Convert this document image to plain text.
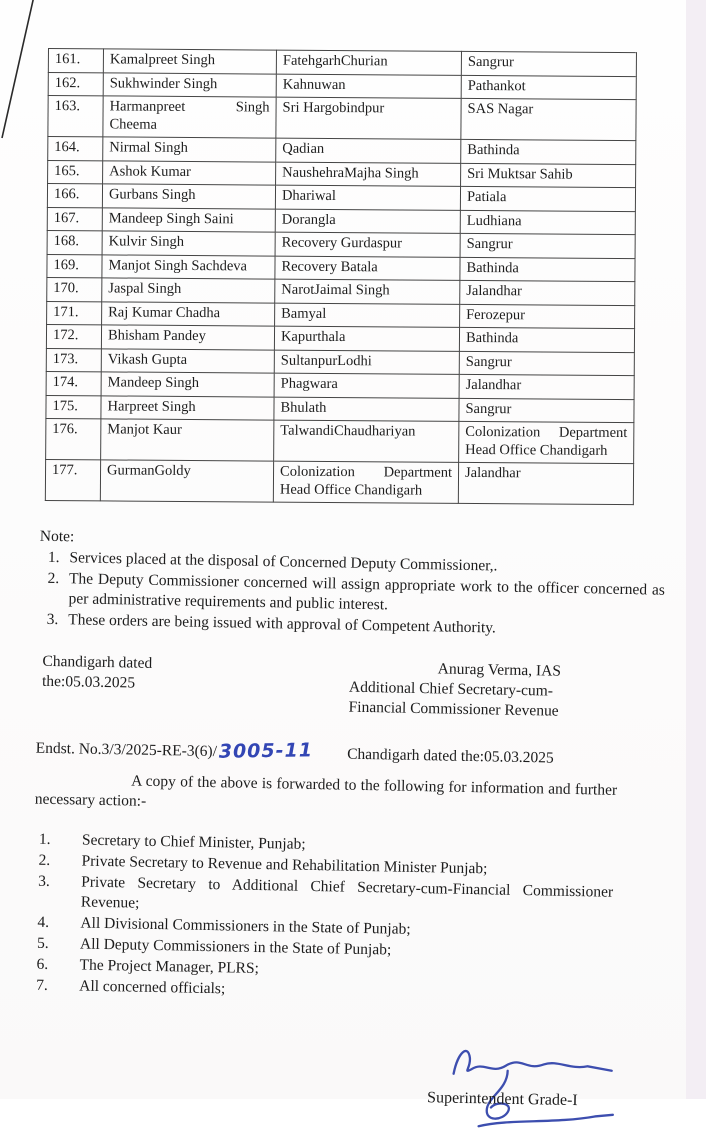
161.	Kamalpreet Singh	FatehgarhChurian	Sangrur
162.	Sukhwinder Singh	Kahnuwan	Pathankot
163.	Harmanpreet Singh Cheema	Sri Hargobindpur	SAS Nagar
164.	Nirmal Singh	Qadian	Bathinda
165.	Ashok Kumar	NaushehraMajha Singh	Sri Muktsar Sahib
166.	Gurbans Singh	Dhariwal	Patiala
167.	Mandeep Singh Saini	Dorangla	Ludhiana
168.	Kulvir Singh	Recovery Gurdaspur	Sangrur
169.	Manjot Singh Sachdeva	Recovery Batala	Bathinda
170.	Jaspal Singh	NarotJaimal Singh	Jalandhar
171.	Raj Kumar Chadha	Bamyal	Ferozepur
172.	Bhisham Pandey	Kapurthala	Bathinda
173.	Vikash Gupta	SultanpurLodhi	Sangrur
174.	Mandeep Singh	Phagwara	Jalandhar
175.	Harpreet Singh	Bhulath	Sangrur
176.	Manjot Kaur	TalwandiChaudhariyan	Colonization Department Head Office Chandigarh
177.	GurmanGoldy	Colonization Department Head Office Chandigarh	Jalandhar
Note:
1. Services placed at the disposal of Concerned Deputy Commissioner,.
2. The Deputy Commissioner concerned will assign appropriate work to the officer concerned as per administrative requirements and public interest.
3. These orders are being issued with approval of Competent Authority.
Chandigarh dated
the:05.03.2025
Anurag Verma, IAS
Additional Chief Secretary-cum-
Financial Commissioner Revenue
Endst. No.3/3/2025-RE-3(6)/ 3005-11 Chandigarh dated the:05.03.2025
A copy of the above is forwarded to the following for information and further necessary action:-
1.	Secretary to Chief Minister, Punjab;
2.	Private Secretary to Revenue and Rehabilitation Minister Punjab;
3.	Private Secretary to Additional Chief Secretary-cum-Financial Commissioner Revenue;
4.	All Divisional Commissioners in the State of Punjab;
5.	All Deputy Commissioners in the State of Punjab;
6.	The Project Manager, PLRS;
7.	All concerned officials;
Superintendent Grade-I
